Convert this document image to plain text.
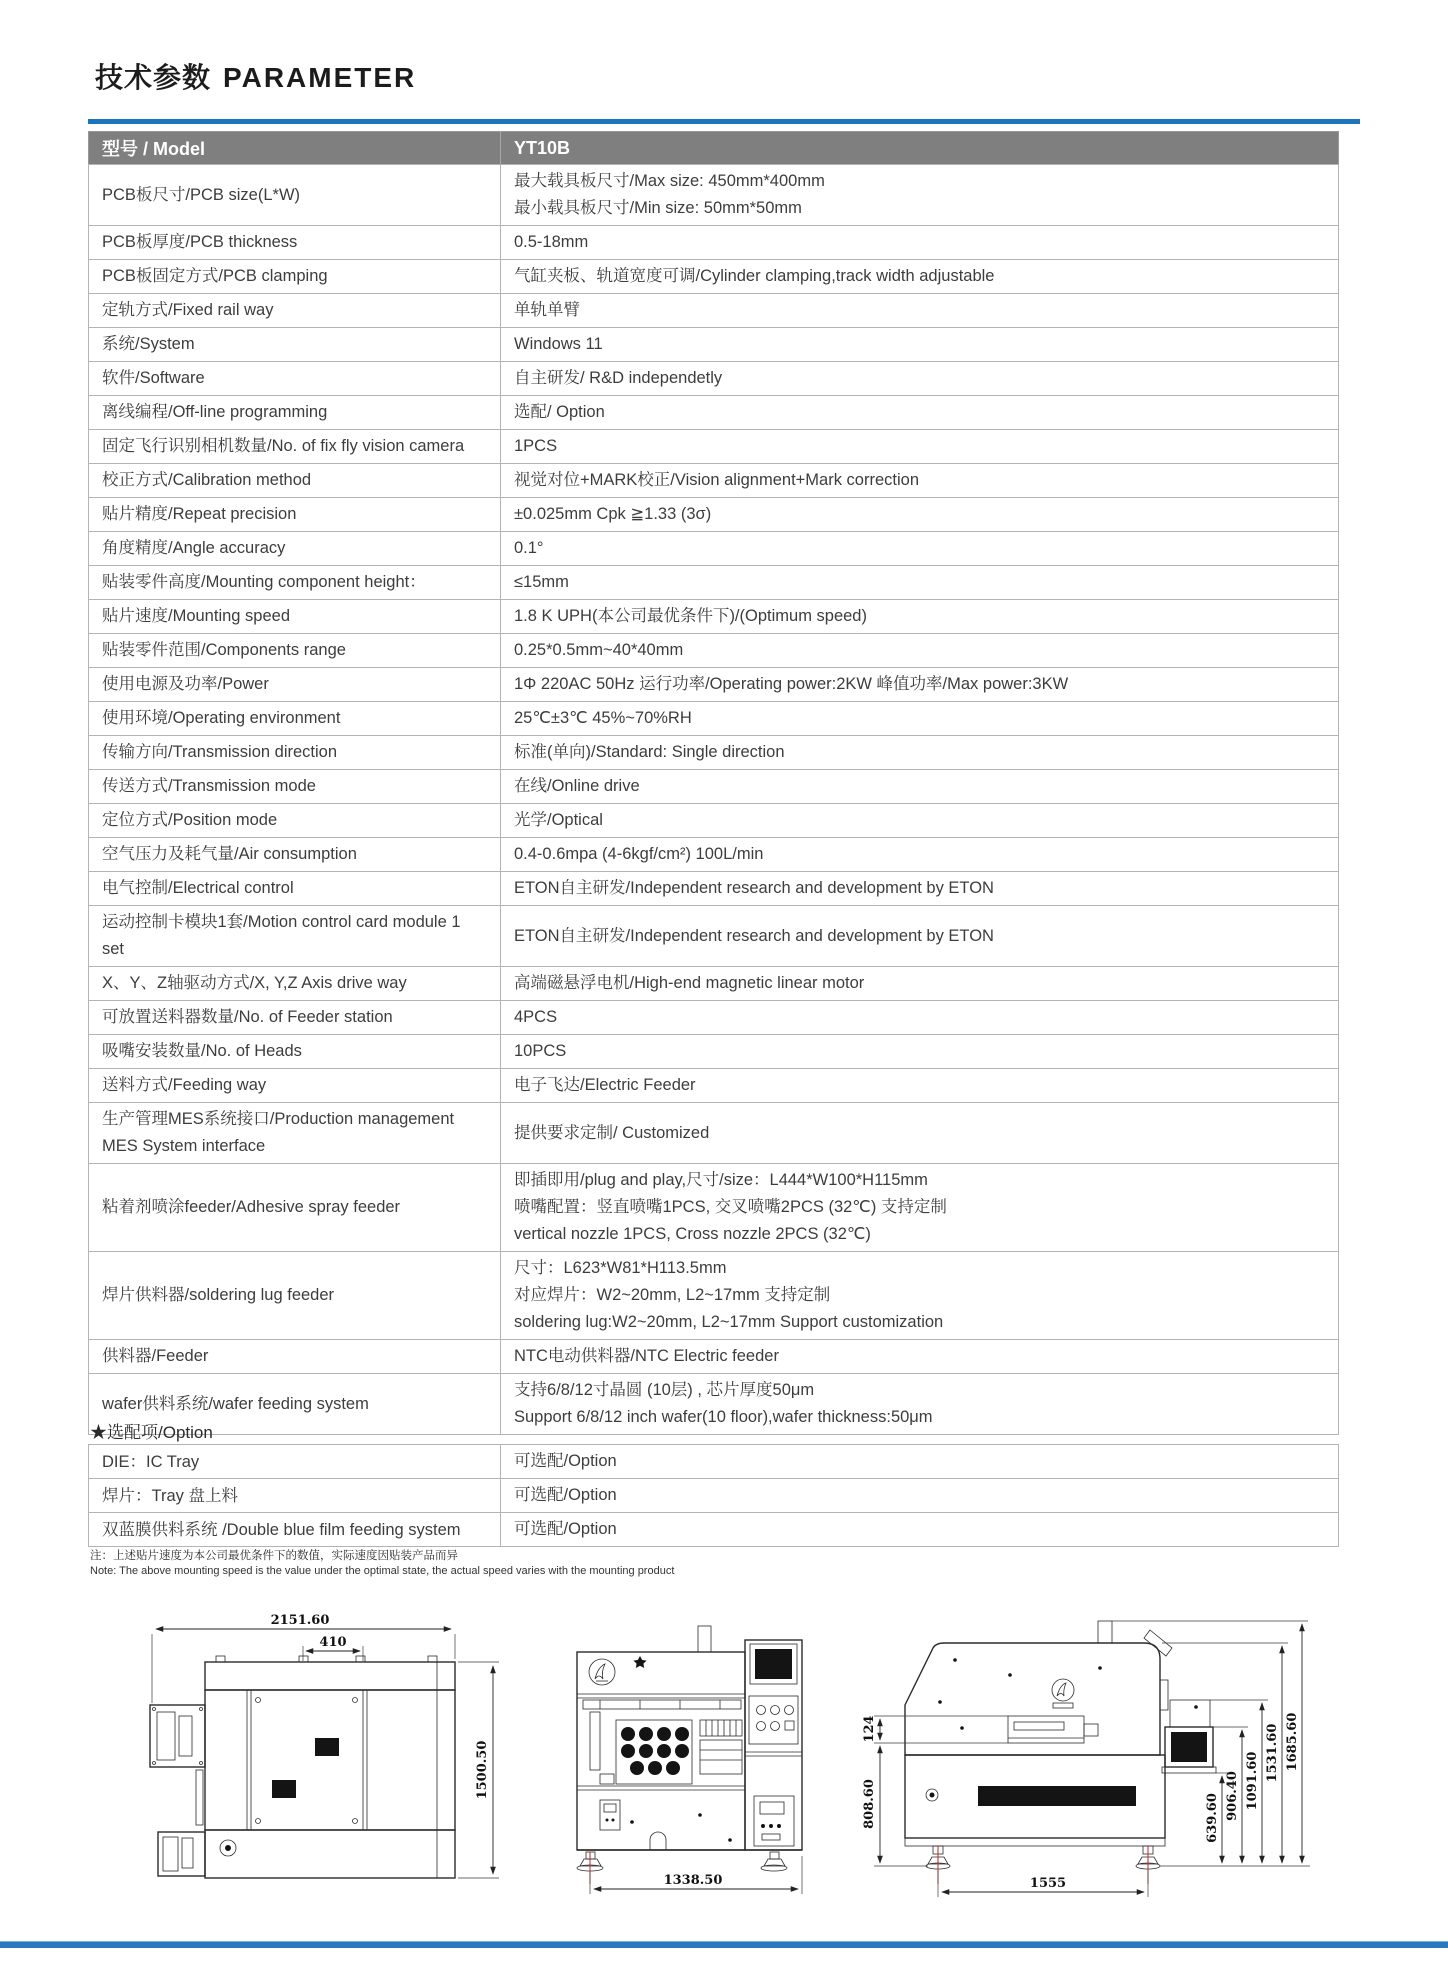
技术参数 PARAMETER
型号 / Model	YT10B
PCB板尺寸/PCB size(L*W)	最大载具板尺寸/Max size: 450mm*400mm
最小载具板尺寸/Min size: 50mm*50mm

PCB板厚度/PCB thickness	0.5-18mm

PCB板固定方式/PCB clamping	气缸夹板、轨道宽度可调/Cylinder clamping,track width adjustable

定轨方式/Fixed rail way	单轨单臂

系统/System	Windows 11

软件/Software	自主研发/ R&D independetly

离线编程/Off-line programming	选配/ Option

固定飞行识别相机数量/No. of fix fly vision camera	1PCS

校正方式/Calibration method	视觉对位+MARK校正/Vision alignment+Mark correction

贴片精度/Repeat precision	±0.025mm Cpk ≧1.33 (3σ)

角度精度/Angle accuracy	0.1°

贴装零件高度/Mounting component height：	≤15mm

贴片速度/Mounting speed	1.8 K UPH(本公司最优条件下)/(Optimum speed)

贴装零件范围/Components range	0.25*0.5mm~40*40mm

使用电源及功率/Power	1Φ 220AC 50Hz 运行功率/Operating power:2KW 峰值功率/Max power:3KW

使用环境/Operating environment	25℃±3℃ 45%~70%RH

传输方向/Transmission direction	标准(单向)/Standard: Single direction

传送方式/Transmission mode	在线/Online drive

定位方式/Position mode	光学/Optical

空气压力及耗气量/Air consumption	0.4-0.6mpa (4-6kgf/cm²) 100L/min

电气控制/Electrical control	ETON自主研发/Independent research and development by ETON

运动控制卡模块1套/Motion control card module 1 set	ETON自主研发/Independent research and development by ETON

X、Y、Z轴驱动方式/X, Y,Z Axis drive way	高端磁悬浮电机/High-end magnetic linear motor

可放置送料器数量/No. of Feeder station	4PCS

吸嘴安装数量/No. of Heads	10PCS

送料方式/Feeding way	电子飞达/Electric Feeder

生产管理MES系统接口/Production management MES System interface	提供要求定制/ Customized

粘着剂喷涂feeder/Adhesive spray feeder	即插即用/plug and play,尺寸/size：L444*W100*H115mm
喷嘴配置：竖直喷嘴1PCS, 交叉喷嘴2PCS (32℃) 支持定制
vertical nozzle 1PCS, Cross nozzle 2PCS (32℃)

焊片供料器/soldering lug feeder	尺寸：L623*W81*H113.5mm
对应焊片：W2~20mm, L2~17mm 支持定制
soldering lug:W2~20mm, L2~17mm Support customization

供料器/Feeder	NTC电动供料器/NTC Electric feeder

wafer供料系统/wafer feeding system	支持6/8/12寸晶圆 (10层) , 芯片厚度50μm
Support 6/8/12 inch wafer(10 floor),wafer thickness:50μm
★选配项/Option
DIE：IC Tray	可选配/Option

焊片：Tray 盘上料	可选配/Option

双蓝膜供料系统 /Double blue film feeding system	可选配/Option
注：上述贴片速度为本公司最优条件下的数值，实际速度因贴装产品而异
Note: The above mounting speed is the value under the optimal state, the actual speed varies with the mounting product
2151.60
410
1500.50
1338.50
124
808.60	639.60 906.40 1091.60 1531.60 1685.60
1555
